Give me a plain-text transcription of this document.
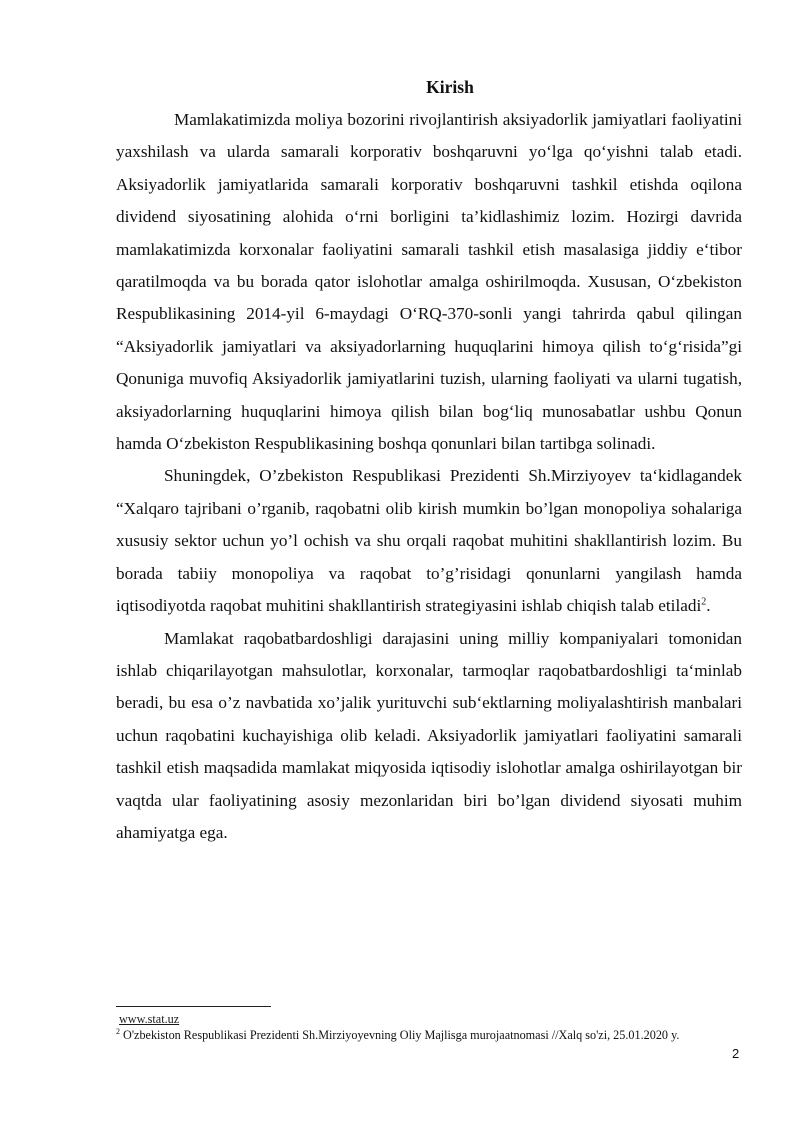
Kirish

Mamlakatimizda moliya bozorini rivojlantirish aksiyadorlik jamiyatlari faoliyatini yaxshilash va ularda samarali korporativ boshqaruvni yo‘lga qo‘yishni talab etadi. Aksiyadorlik jamiyatlarida samarali korporativ boshqaruvni tashkil etishda oqilona dividend siyosatining alohida o‘rni borligini ta’kidlashimiz lozim. Hozirgi davrida mamlakatimizda korxonalar faoliyatini samarali tashkil etish masalasiga jiddiy e‘tibor qaratilmoqda va bu borada qator islohotlar amalga oshirilmoqda. Xususan, O‘zbekiston Respublikasining 2014-yil 6-maydagi O‘RQ-370-sonli yangi tahrirda qabul qilingan “Aksiyadorlik jamiyatlari va aksiyadorlarning huquqlarini himoya qilish to‘g‘risida”gi Qonuniga muvofiq Aksiyadorlik jamiyatlarini tuzish, ularning faoliyati va ularni tugatish, aksiyadorlarning huquqlarini himoya qilish bilan bog‘liq munosabatlar ushbu Qonun hamda O‘zbekiston Respublikasining boshqa qonunlari bilan tartibga solinadi.

Shuningdek, O’zbekiston Respublikasi Prezidenti Sh.Mirziyoyev ta‘kidlagandek “Xalqaro tajribani o’rganib, raqobatni olib kirish mumkin bo’lgan monopoliya sohalariga xususiy sektor uchun yo’l ochish va shu orqali raqobat muhitini shakllantirish lozim. Bu borada tabiiy monopoliya va raqobat to’g’risidagi qonunlarni yangilash hamda iqtisodiyotda raqobat muhitini shakllantirish strategiyasini ishlab chiqish talab etiladi$^2$.

Mamlakat raqobatbardoshligi darajasini uning milliy kompaniyalari tomonidan ishlab chiqarilayotgan mahsulotlar, korxonalar, tarmoqlar raqobatbardoshligi ta‘minlab beradi, bu esa o’z navbatida xo’jalik yurituvchi sub‘ektlarning moliyalashtirish manbalari uchun raqobatini kuchayishiga olib keladi. Aksiyadorlik jamiyatlari faoliyatini samarali tashkil etish maqsadida mamlakat miqyosida iqtisodiy islohotlar amalga oshirilayotgan bir vaqtda ular faoliyatining asosiy mezonlaridan biri bo’lgan dividend siyosati muhim ahamiyatga ega.

www.stat.uz
$^2$ O'zbekiston Respublikasi Prezidenti Sh.Mirziyoyevning Oliy Majlisga murojaatnomasi //Xalq so'zi, 25.01.2020 y.
2
